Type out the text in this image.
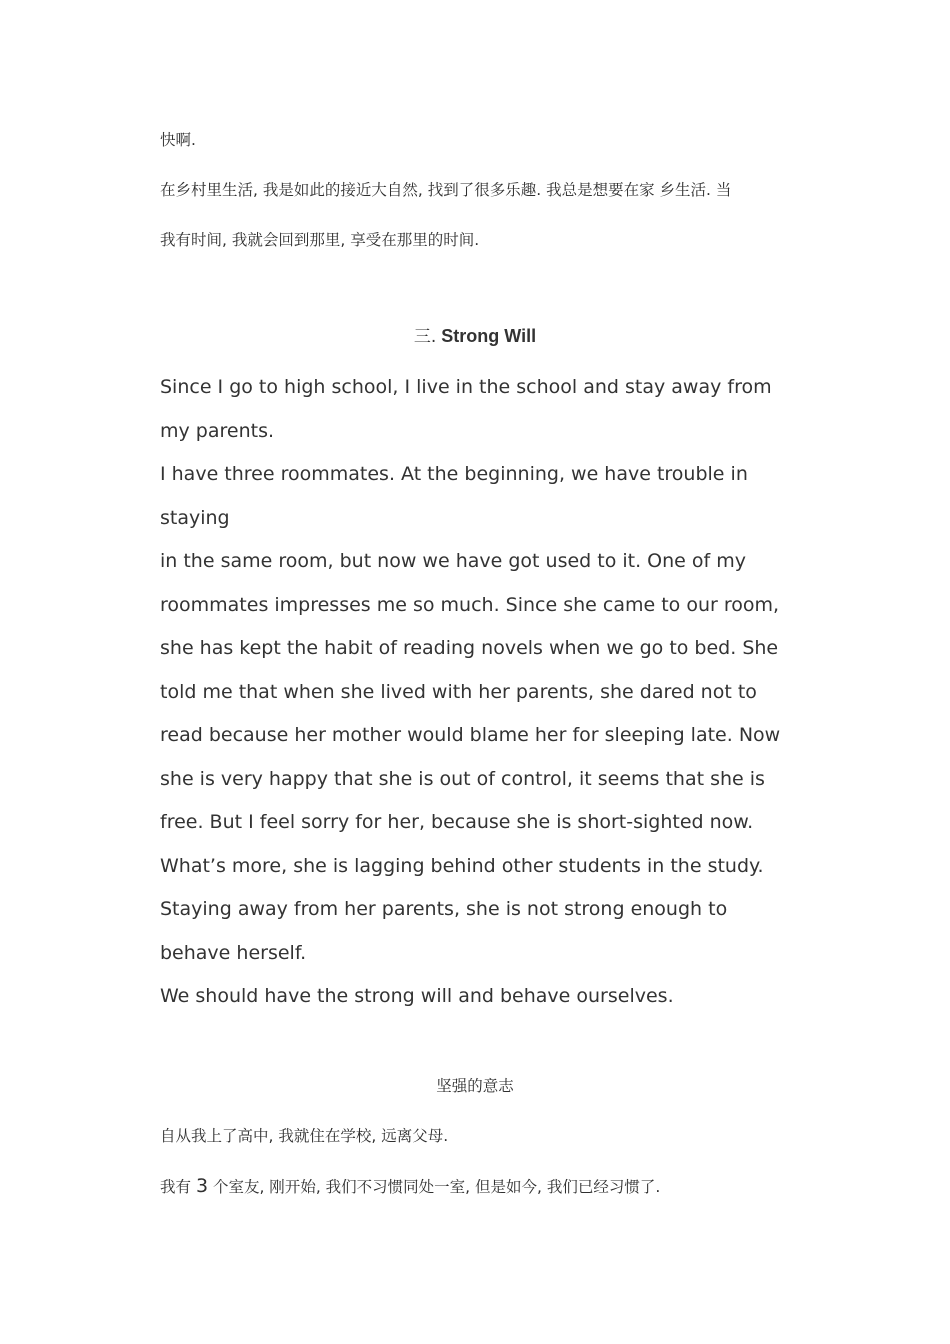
快啊.
在乡村里生活, 我是如此的接近大自然, 找到了很多乐趣. 我总是想要在家 乡生活. 当
我有时间, 我就会回到那里, 享受在那里的时间.
三. Strong Will
Since I go to high school, I live in the school and stay away from
my parents.
I have three roommates. At the beginning, we have trouble in
staying
in the same room, but now we have got used to it. One of my
roommates impresses me so much. Since she came to our room,
she has kept the habit of reading novels when we go to bed. She
told me that when she lived with her parents, she dared not to
read because her mother would blame her for sleeping late. Now
she is very happy that she is out of control, it seems that she is
free. But I feel sorry for her, because she is short-sighted now.
What’s more, she is lagging behind other students in the study.
Staying away from her parents, she is not strong enough to
behave herself.
We should have the strong will and behave ourselves.
坚强的意志
自从我上了高中, 我就住在学校, 远离父母.
我有 3 个室友, 刚开始, 我们不习惯同处一室, 但是如今, 我们已经习惯了.
